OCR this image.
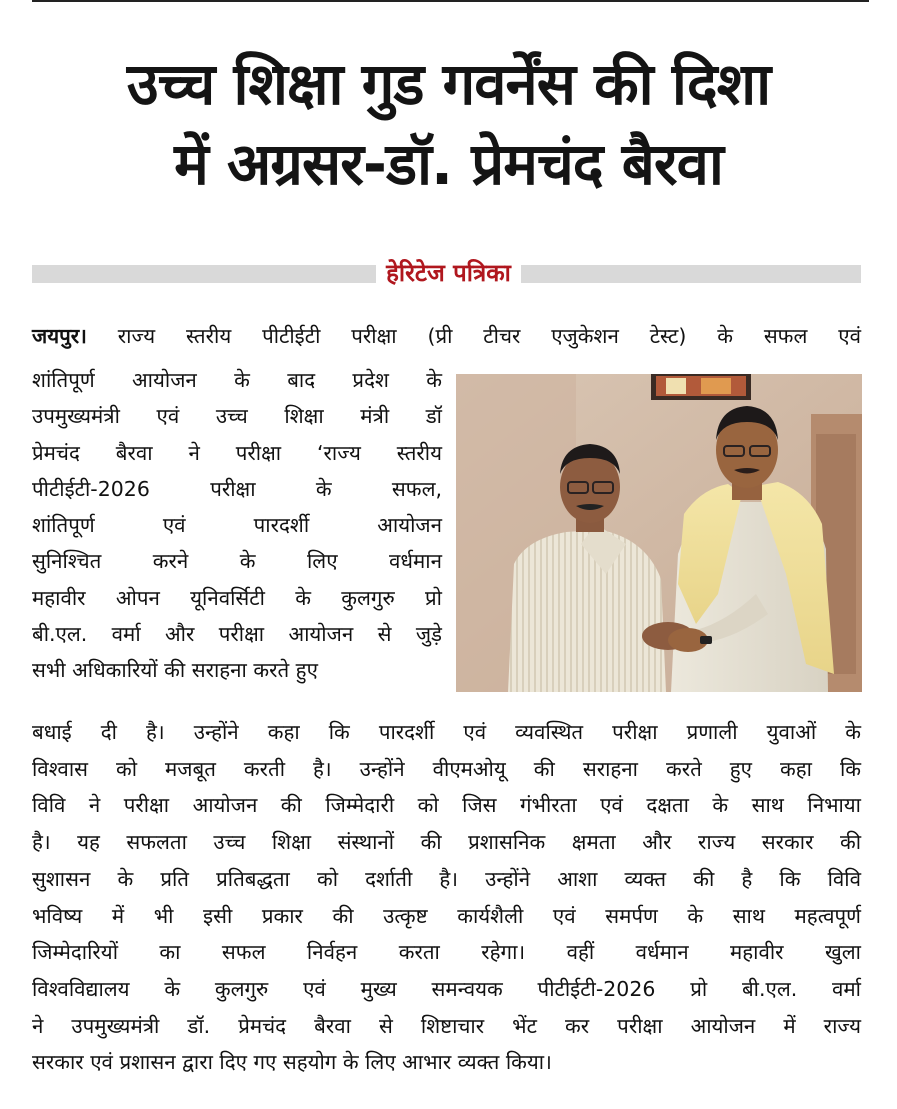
उच्च शिक्षा गुड गवर्नेंस की दिशा
में अग्रसर-डॉ. प्रेमचंद बैरवा
हेरिटेज पत्रिका
जयपुर। राज्य स्तरीय पीटीईटी परीक्षा (प्री टीचर एजुकेशन टेस्ट) के सफल एवं
शांतिपूर्ण आयोजन के बाद प्रदेश के
उपमुख्यमंत्री एवं उच्च शिक्षा मंत्री डॉ
प्रेमचंद बैरवा ने परीक्षा ‘राज्य स्तरीय
पीटीईटी-2026 परीक्षा के सफल,
शांतिपूर्ण एवं पारदर्शी आयोजन
सुनिश्चित करने के लिए वर्धमान
महावीर ओपन यूनिवर्सिटी के कुलगुरु प्रो
बी.एल. वर्मा और परीक्षा आयोजन से जुड़े
सभी अधिकारियों की सराहना करते हुए
बधाई दी है। उन्होंने कहा कि पारदर्शी एवं व्यवस्थित परीक्षा प्रणाली युवाओं के
विश्वास को मजबूत करती है। उन्होंने वीएमओयू की सराहना करते हुए कहा कि
विवि ने परीक्षा आयोजन की जिम्मेदारी को जिस गंभीरता एवं दक्षता के साथ निभाया
है। यह सफलता उच्च शिक्षा संस्थानों की प्रशासनिक क्षमता और राज्य सरकार की
सुशासन के प्रति प्रतिबद्धता को दर्शाती है। उन्होंने आशा व्यक्त की है कि विवि
भविष्य में भी इसी प्रकार की उत्कृष्ट कार्यशैली एवं समर्पण के साथ महत्वपूर्ण
जिम्मेदारियों का सफल निर्वहन करता रहेगा। वहीं वर्धमान महावीर खुला
विश्वविद्यालय के कुलगुरु एवं मुख्य समन्वयक पीटीईटी-2026 प्रो बी.एल. वर्मा
ने उपमुख्यमंत्री डॉ. प्रेमचंद बैरवा से शिष्टाचार भेंट कर परीक्षा आयोजन में राज्य
सरकार एवं प्रशासन द्वारा दिए गए सहयोग के लिए आभार व्यक्त किया।
